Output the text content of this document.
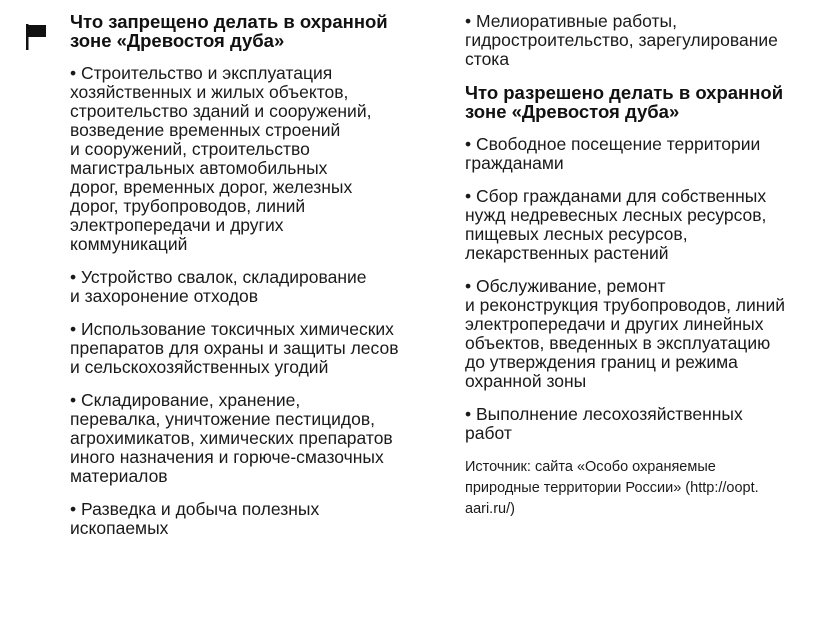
Что запрещено делать в охранной
зоне «Древостоя дуба»
• Строительство и эксплуатация
хозяйственных и жилых объектов,
строительство зданий и сооружений,
возведение временных строений
и сооружений, строительство
магистральных автомобильных
дорог, временных дорог, железных
дорог, трубопроводов, линий
электропередачи и других
коммуникаций
• Устройство свалок, складирование
и захоронение отходов
• Использование токсичных химических
препаратов для охраны и защиты лесов
и сельскохозяйственных угодий
• Складирование, хранение,
перевалка, уничтожение пестицидов,
агрохимикатов, химических препаратов
иного назначения и горюче-смазочных
материалов
• Разведка и добыча полезных
ископаемых
• Мелиоративные работы,
гидростроительство, зарегулирование
стока
Что разрешено делать в охранной
зоне «Древостоя дуба»
• Свободное посещение территории
гражданами
• Сбор гражданами для собственных
нужд недревесных лесных ресурсов,
пищевых лесных ресурсов,
лекарственных растений
• Обслуживание, ремонт
и реконструкция трубопроводов, линий
электропередачи и других линейных
объектов, введенных в эксплуатацию
до утверждения границ и режима
охранной зоны
• Выполнение лесохозяйственных
работ
Источник: сайта «Особо охраняемые
природные территории России» (http://oopt.
aari.ru/)
